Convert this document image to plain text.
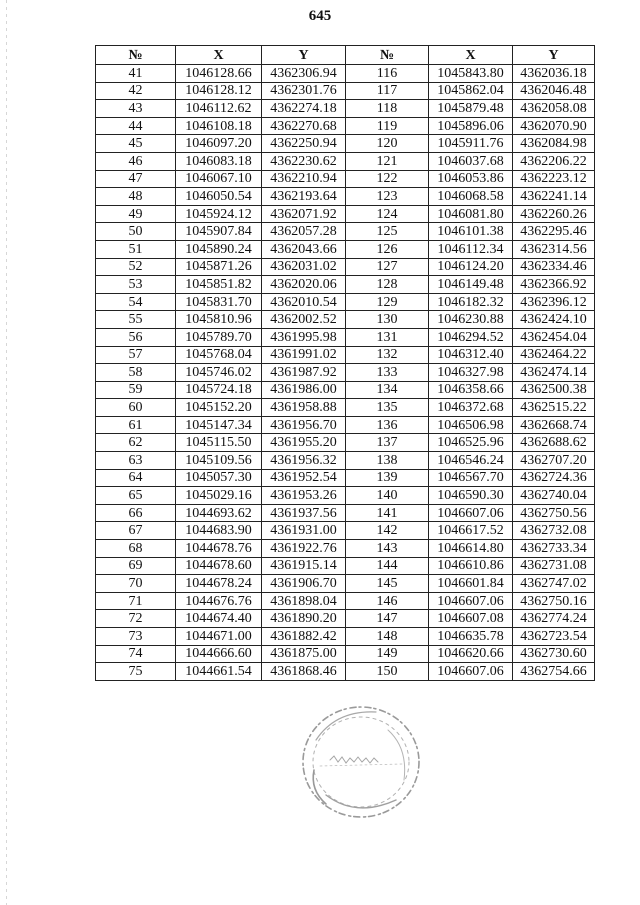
645
№	X	Y	№	X	Y
41	1046128.66	4362306.94	116	1045843.80	4362036.18
42	1046128.12	4362301.76	117	1045862.04	4362046.48
43	1046112.62	4362274.18	118	1045879.48	4362058.08
44	1046108.18	4362270.68	119	1045896.06	4362070.90
45	1046097.20	4362250.94	120	1045911.76	4362084.98
46	1046083.18	4362230.62	121	1046037.68	4362206.22
47	1046067.10	4362210.94	122	1046053.86	4362223.12
48	1046050.54	4362193.64	123	1046068.58	4362241.14
49	1045924.12	4362071.92	124	1046081.80	4362260.26
50	1045907.84	4362057.28	125	1046101.38	4362295.46
51	1045890.24	4362043.66	126	1046112.34	4362314.56
52	1045871.26	4362031.02	127	1046124.20	4362334.46
53	1045851.82	4362020.06	128	1046149.48	4362366.92
54	1045831.70	4362010.54	129	1046182.32	4362396.12
55	1045810.96	4362002.52	130	1046230.88	4362424.10
56	1045789.70	4361995.98	131	1046294.52	4362454.04
57	1045768.04	4361991.02	132	1046312.40	4362464.22
58	1045746.02	4361987.92	133	1046327.98	4362474.14
59	1045724.18	4361986.00	134	1046358.66	4362500.38
60	1045152.20	4361958.88	135	1046372.68	4362515.22
61	1045147.34	4361956.70	136	1046506.98	4362668.74
62	1045115.50	4361955.20	137	1046525.96	4362688.62
63	1045109.56	4361956.32	138	1046546.24	4362707.20
64	1045057.30	4361952.54	139	1046567.70	4362724.36
65	1045029.16	4361953.26	140	1046590.30	4362740.04
66	1044693.62	4361937.56	141	1046607.06	4362750.56
67	1044683.90	4361931.00	142	1046617.52	4362732.08
68	1044678.76	4361922.76	143	1046614.80	4362733.34
69	1044678.60	4361915.14	144	1046610.86	4362731.08
70	1044678.24	4361906.70	145	1046601.84	4362747.02
71	1044676.76	4361898.04	146	1046607.06	4362750.16
72	1044674.40	4361890.20	147	1046607.08	4362774.24
73	1044671.00	4361882.42	148	1046635.78	4362723.54
74	1044666.60	4361875.00	149	1046620.66	4362730.60
75	1044661.54	4361868.46	150	1046607.06	4362754.66
